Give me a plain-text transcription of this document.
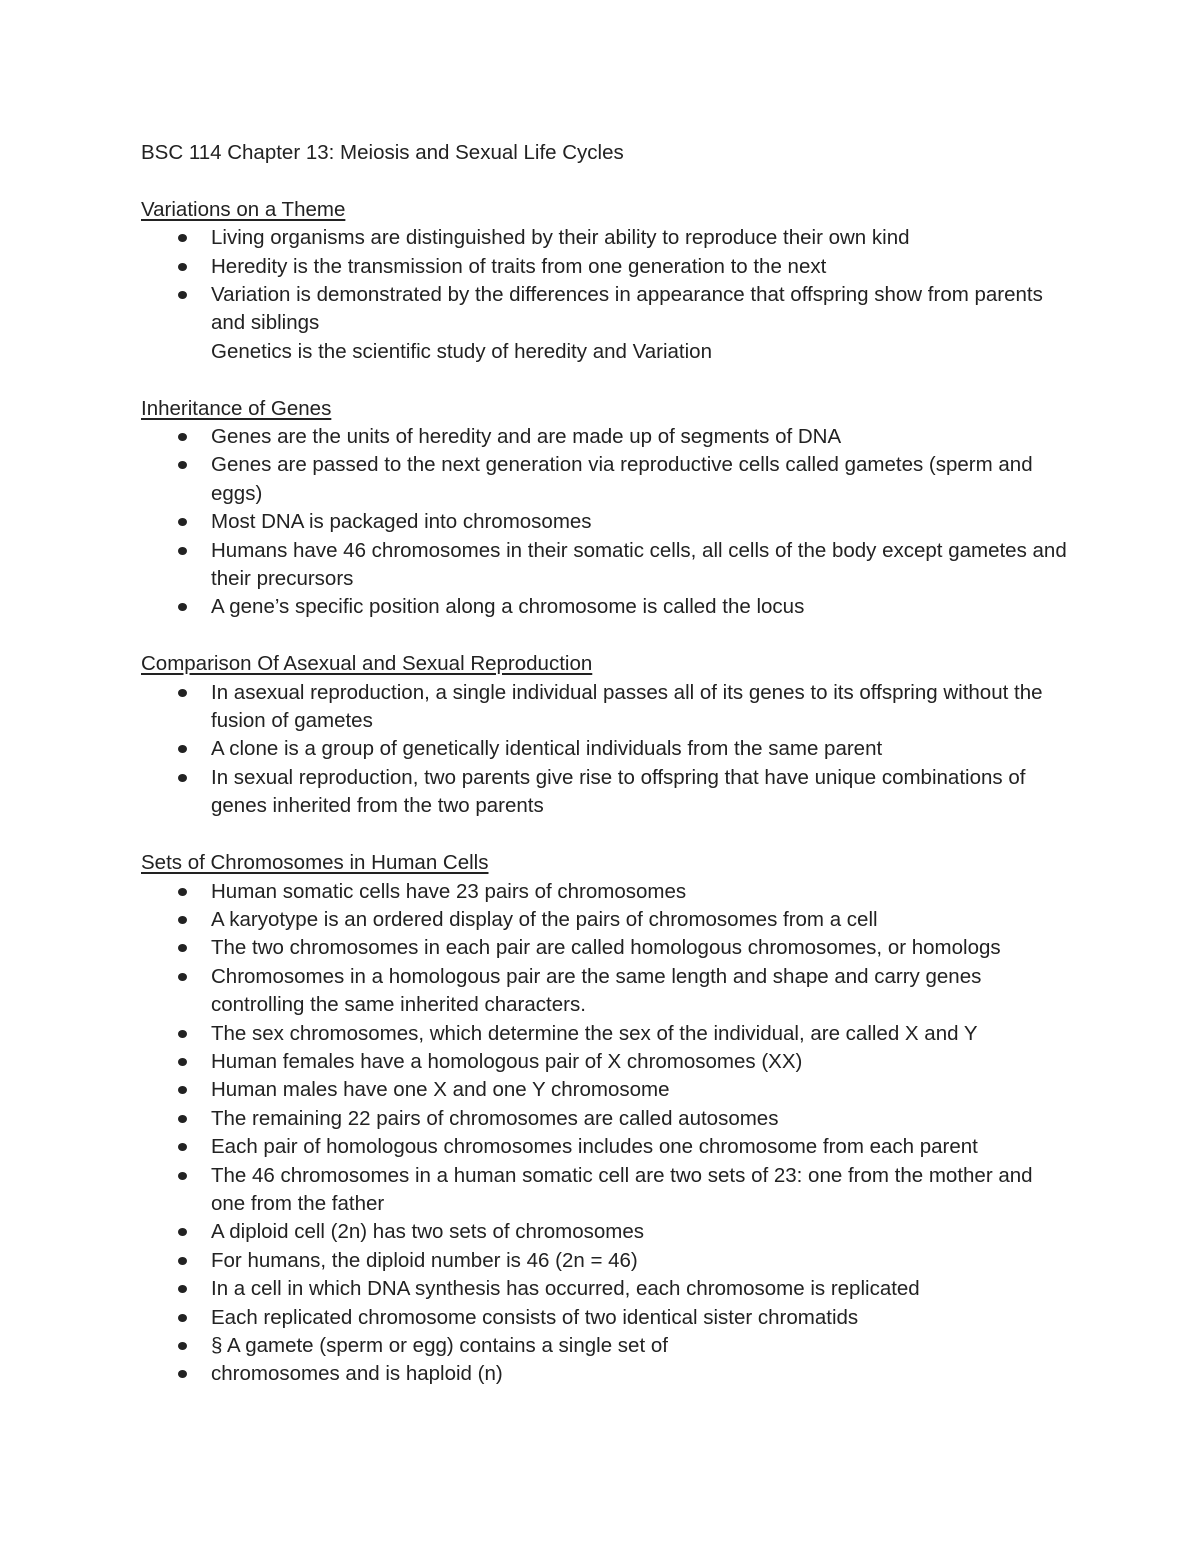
BSC 114 Chapter 13: Meiosis and Sexual Life Cycles
Variations on a Theme
Living organisms are distinguished by their ability to reproduce their own kind
Heredity is the transmission of traits from one generation to the next
Variation is demonstrated by the differences in appearance that offspring show from parents and siblings
Genetics is the scientific study of heredity and Variation
Inheritance of Genes
Genes are the units of heredity and are made up of segments of DNA
Genes are passed to the next generation via reproductive cells called gametes (sperm and eggs)
Most DNA is packaged into chromosomes
Humans have 46 chromosomes in their somatic cells, all cells of the body except gametes and their precursors
A gene’s specific position along a chromosome is called the locus
Comparison Of Asexual and Sexual Reproduction
In asexual reproduction, a single individual passes all of its genes to its offspring without the fusion of gametes
A clone is a group of genetically identical individuals from the same parent
In sexual reproduction, two parents give rise to offspring that have unique combinations of genes inherited from the two parents
Sets of Chromosomes in Human Cells
Human somatic cells have 23 pairs of chromosomes
A karyotype is an ordered display of the pairs of chromosomes from a cell
The two chromosomes in each pair are called homologous chromosomes, or homologs
Chromosomes in a homologous pair are the same length and shape and carry genes controlling the same inherited characters.
The sex chromosomes, which determine the sex of the individual, are called X and Y
Human females have a homologous pair of X chromosomes (XX)
Human males have one X and one Y chromosome
The remaining 22 pairs of chromosomes are called autosomes
Each pair of homologous chromosomes includes one chromosome from each parent
The 46 chromosomes in a human somatic cell are two sets of 23: one from the mother and one from the father
A diploid cell (2n) has two sets of chromosomes
For humans, the diploid number is 46 (2n = 46)
In a cell in which DNA synthesis has occurred, each chromosome is replicated
Each replicated chromosome consists of two identical sister chromatids
§ A gamete (sperm or egg) contains a single set of
chromosomes and is haploid (n)
